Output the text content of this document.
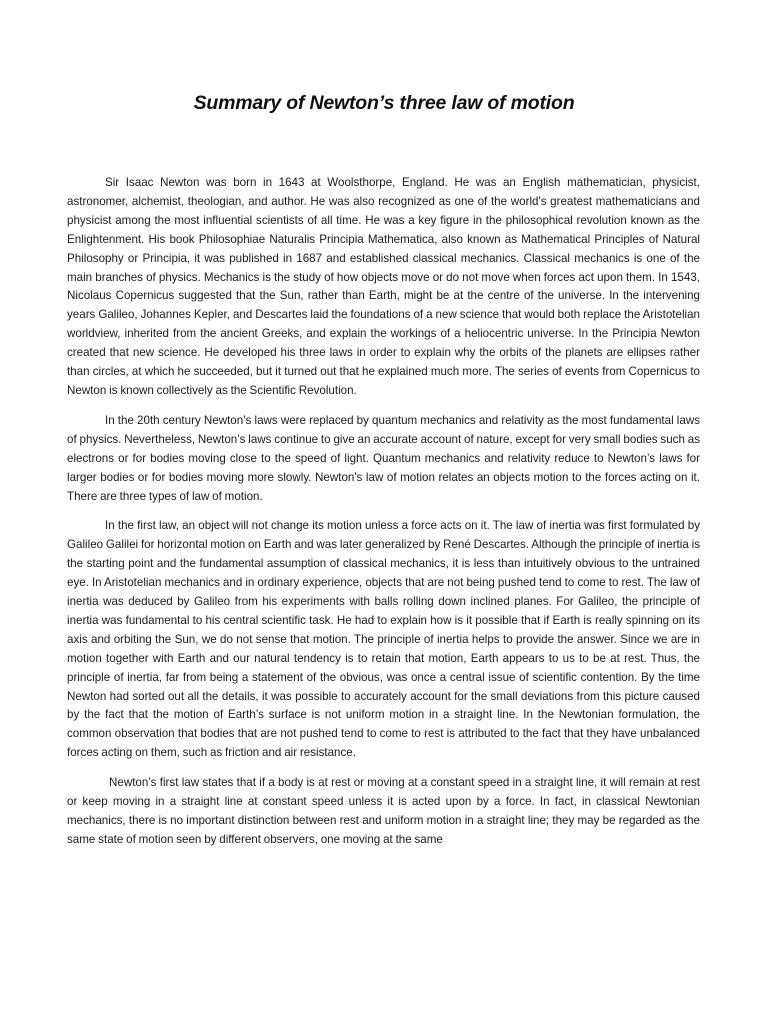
Summary of Newton’s three law of motion

Sir Isaac Newton was born in 1643 at Woolsthorpe, England. He was an English mathematician, physicist, astronomer, alchemist, theologian, and author. He was also recognized as one of the world's greatest mathematicians and physicist among the most influential scientists of all time. He was a key figure in the philosophical revolution known as the Enlightenment. His book Philosophiae Naturalis Principia Mathematica, also known as Mathematical Principles of Natural Philosophy or Principia, it was published in 1687 and established classical mechanics. Classical mechanics is one of the main branches of physics. Mechanics is the study of how objects move or do not move when forces act upon them. In 1543, Nicolaus Copernicus suggested that the Sun, rather than Earth, might be at the centre of the universe. In the intervening years Galileo, Johannes Kepler, and Descartes laid the foundations of a new science that would both replace the Aristotelian worldview, inherited from the ancient Greeks, and explain the workings of a heliocentric universe. In the Principia Newton created that new science. He developed his three laws in order to explain why the orbits of the planets are ellipses rather than circles, at which he succeeded, but it turned out that he explained much more. The series of events from Copernicus to Newton is known collectively as the Scientific Revolution.

In the 20th century Newton’s laws were replaced by quantum mechanics and relativity as the most fundamental laws of physics. Nevertheless, Newton’s laws continue to give an accurate account of nature, except for very small bodies such as electrons or for bodies moving close to the speed of light. Quantum mechanics and relativity reduce to Newton’s laws for larger bodies or for bodies moving more slowly. Newton's law of motion relates an objects motion to the forces acting on it. There are three types of law of motion.

In the first law, an object will not change its motion unless a force acts on it. The law of inertia was first formulated by Galileo Galilei for horizontal motion on Earth and was later generalized by René Descartes. Although the principle of inertia is the starting point and the fundamental assumption of classical mechanics, it is less than intuitively obvious to the untrained eye. In Aristotelian mechanics and in ordinary experience, objects that are not being pushed tend to come to rest. The law of inertia was deduced by Galileo from his experiments with balls rolling down inclined planes. For Galileo, the principle of inertia was fundamental to his central scientific task. He had to explain how is it possible that if Earth is really spinning on its axis and orbiting the Sun, we do not sense that motion. The principle of inertia helps to provide the answer. Since we are in motion together with Earth and our natural tendency is to retain that motion, Earth appears to us to be at rest. Thus, the principle of inertia, far from being a statement of the obvious, was once a central issue of scientific contention. By the time Newton had sorted out all the details, it was possible to accurately account for the small deviations from this picture caused by the fact that the motion of Earth’s surface is not uniform motion in a straight line. In the Newtonian formulation, the common observation that bodies that are not pushed tend to come to rest is attributed to the fact that they have unbalanced forces acting on them, such as friction and air resistance.

Newton’s first law states that if a body is at rest or moving at a constant speed in a straight line, it will remain at rest or keep moving in a straight line at constant speed unless it is acted upon by a force. In fact, in classical Newtonian mechanics, there is no important distinction between rest and uniform motion in a straight line; they may be regarded as the same state of motion seen by different observers, one moving at the same
